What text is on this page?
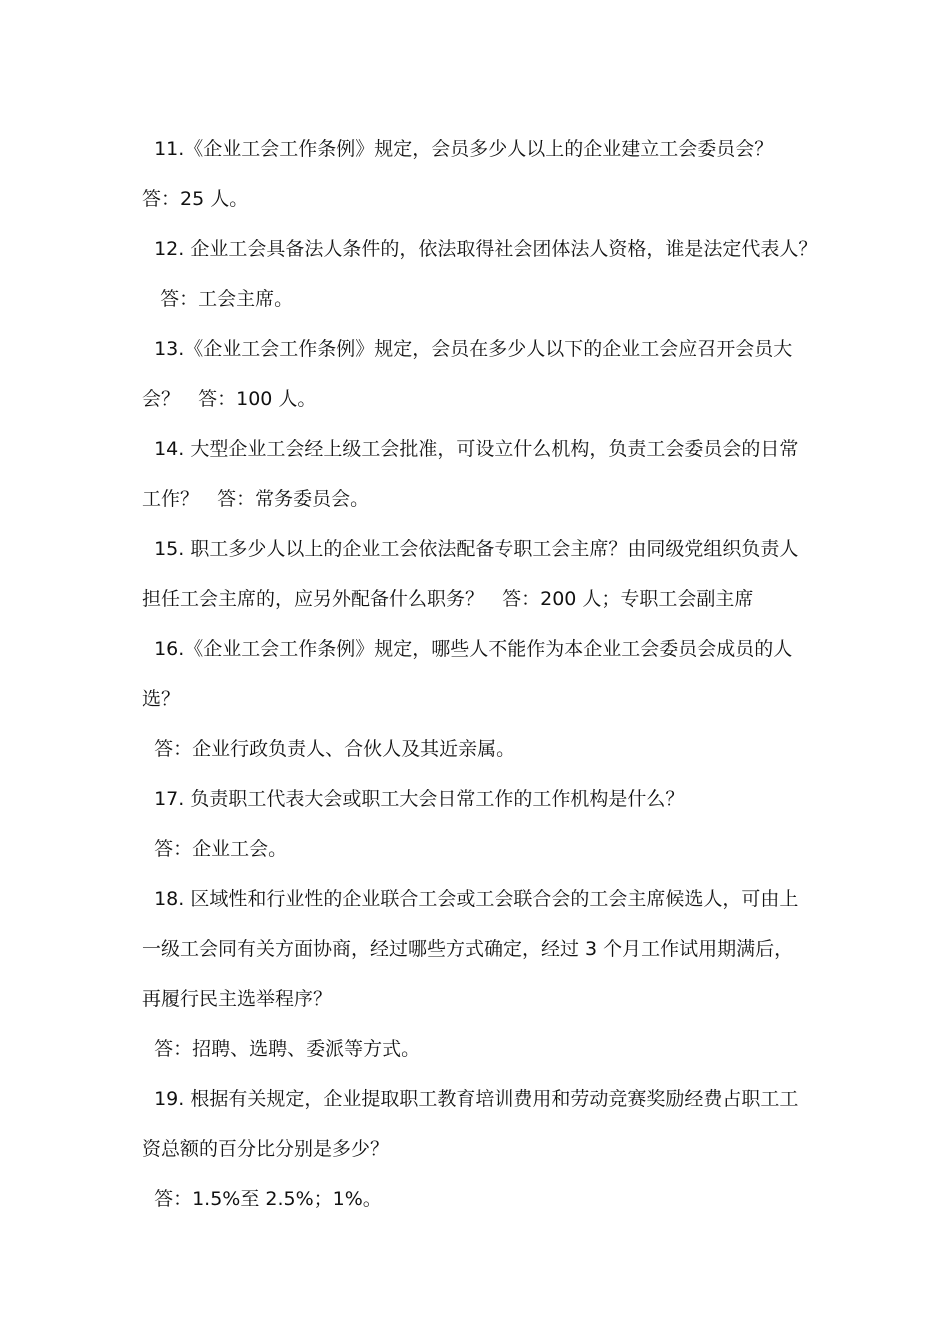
11.《企业工会工作条例》规定，会员多少人以上的企业建立工会委员会？
答：25 人。
12. 企业工会具备法人条件的，依法取得社会团体法人资格，谁是法定代表人？
答：工会主席。
13.《企业工会工作条例》规定，会员在多少人以下的企业工会应召开会员大
会？   答：100 人。
14. 大型企业工会经上级工会批准，可设立什么机构，负责工会委员会的日常
工作？   答：常务委员会。
15. 职工多少人以上的企业工会依法配备专职工会主席？由同级党组织负责人
担任工会主席的，应另外配备什么职务？   答：200 人；专职工会副主席
16.《企业工会工作条例》规定，哪些人不能作为本企业工会委员会成员的人
选？
答：企业行政负责人、合伙人及其近亲属。
17. 负责职工代表大会或职工大会日常工作的工作机构是什么？
答：企业工会。
18. 区域性和行业性的企业联合工会或工会联合会的工会主席候选人，可由上
一级工会同有关方面协商，经过哪些方式确定，经过 3 个月工作试用期满后，
再履行民主选举程序？
答：招聘、选聘、委派等方式。
19. 根据有关规定，企业提取职工教育培训费用和劳动竞赛奖励经费占职工工
资总额的百分比分别是多少？
答：1.5%至 2.5%；1%。
